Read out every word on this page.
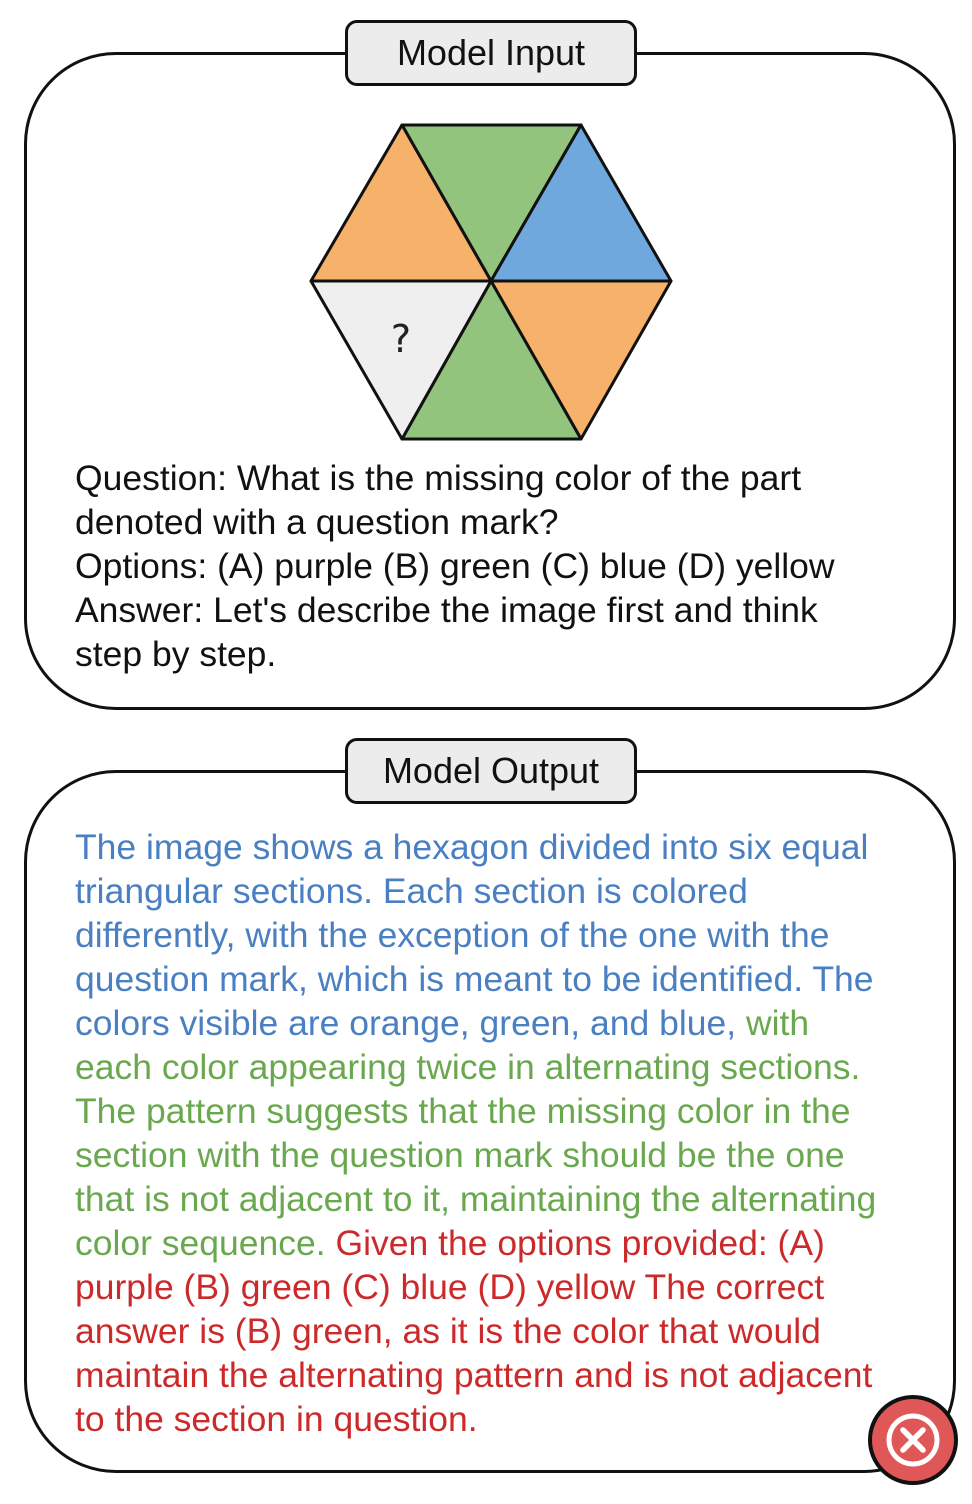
Model Input
?
Question: What is the missing color of the part
denoted with a question mark?
Options: (A) purple (B) green (C) blue (D) yellow
Answer: Let's describe the image first and think
step by step.
Model Output
The image shows a hexagon divided into six equal triangular sections. Each section is colored differently, with the exception of the one with the question mark, which is meant to be identified. The colors visible are orange, green, and blue, with each color appearing twice in alternating sections. The pattern suggests that the missing color in the section with the question mark should be the one that is not adjacent to it, maintaining the alternating color sequence. Given the options provided: (A) purple (B) green (C) blue (D) yellow The correct answer is (B) green, as it is the color that would maintain the alternating pattern and is not adjacent to the section in question.
